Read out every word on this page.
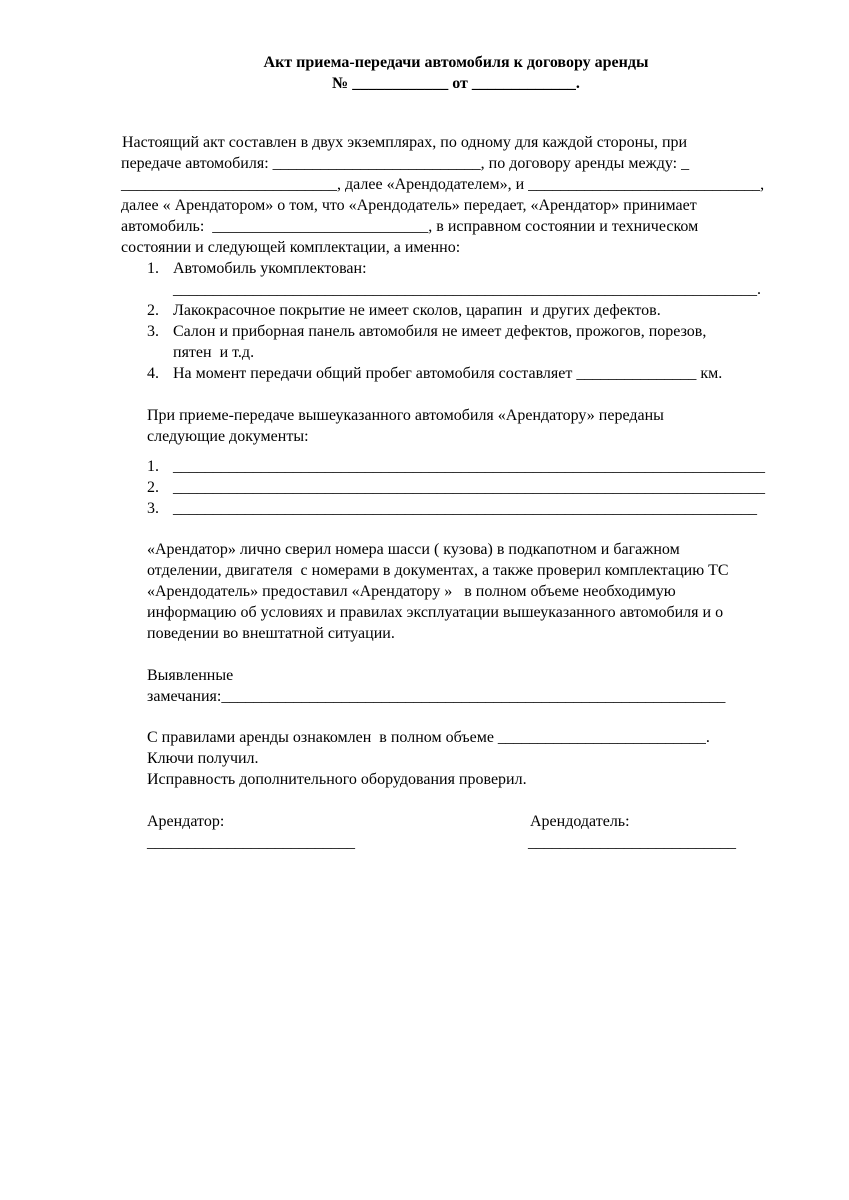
Акт приема-передачи автомобиля к договору аренды
№ ____________ от _____________.
Настоящий акт составлен в двух экземплярах, по одному для каждой стороны, при
передаче автомобиля: __________________________, по договору аренды между: _
___________________________, далее «Арендодателем», и _____________________________,
далее « Арендатором» о том, что «Арендодатель» передает, «Арендатор» принимает
автомобиль:  ___________________________, в исправном состоянии и техническом
состоянии и следующей комплектации, а именно:
1. Автомобиль укомплектован:
_________________________________________________________________________.
2. Лакокрасочное покрытие не имеет сколов, царапин  и других дефектов.
3. Салон и приборная панель автомобиля не имеет дефектов, прожогов, порезов,
пятен  и т.д.
4. На момент передачи общий пробег автомобиля составляет _______________ км.
При приеме-передаче вышеуказанного автомобиля «Арендатору» переданы
следующие документы:
1. __________________________________________________________________________
2. __________________________________________________________________________
3. _________________________________________________________________________
«Арендатор» лично сверил номера шасси ( кузова) в подкапотном и багажном
отделении, двигателя  с номерами в документах, а также проверил комплектацию ТС
«Арендодатель» предоставил «Арендатору »   в полном объеме необходимую
информацию об условиях и правилах эксплуатации вышеуказанного автомобиля и о
поведении во внештатной ситуации.
Выявленные
замечания:_______________________________________________________________
С правилами аренды ознакомлен  в полном объеме __________________________.
Ключи получил.
Исправность дополнительного оборудования проверил.
Арендатор:
__________________________
Арендодатель:
__________________________
